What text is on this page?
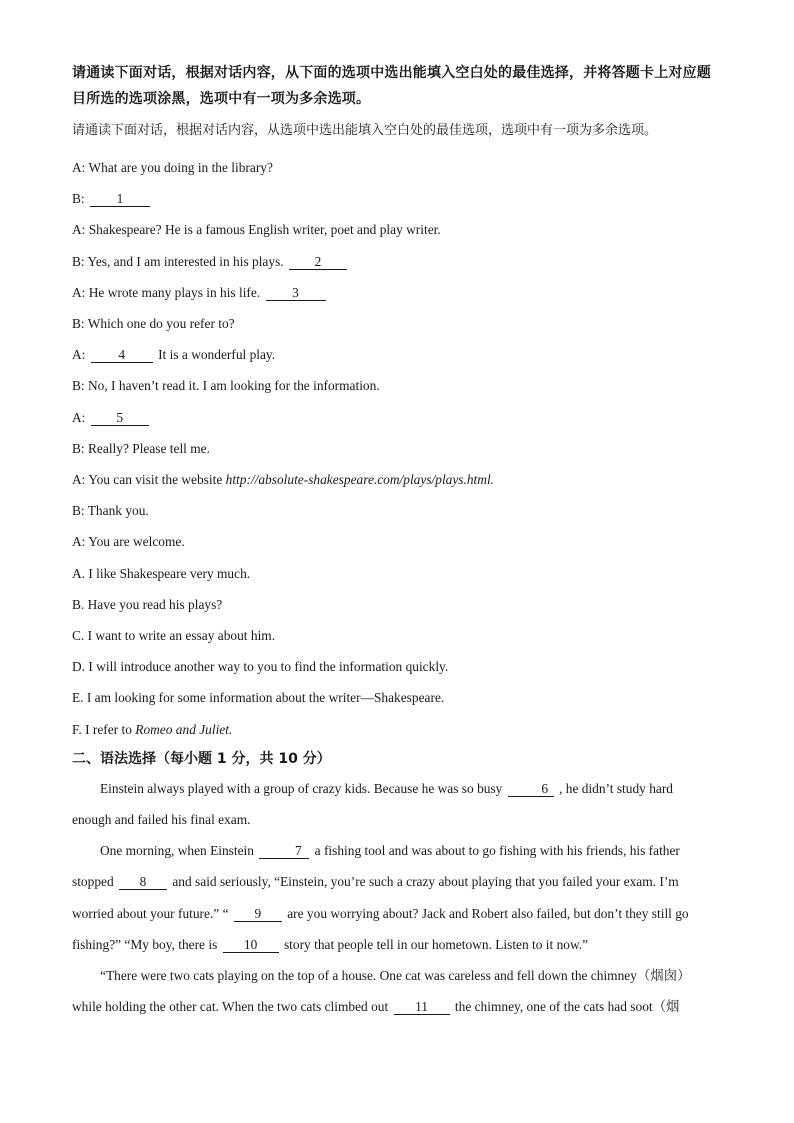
请通读下面对话，根据对话内容，从下面的选项中选出能填入空白处的最佳选择，并将答题卡上对应题目所选的选项涂黑，选项中有一项为多余选项。

请通读下面对话，根据对话内容，从选项中选出能填入空白处的最佳选项，选项中有一项为多余选项。

A: What are you doing in the library?

B: 1

A: Shakespeare? He is a famous English writer, poet and play writer.

B: Yes, and I am interested in his plays. 2

A: He wrote many plays in his life. 3

B: Which one do you refer to?

A: 4 It is a wonderful play.

B: No, I haven’t read it. I am looking for the information.

A: 5

B: Really? Please tell me.

A: You can visit the website http://absolute-shakespeare.com/plays/plays.html.

B: Thank you.

A: You are welcome.

A. I like Shakespeare very much.

B. Have you read his plays?

C. I want to write an essay about him.

D. I will introduce another way to you to find the information quickly.

E. I am looking for some information about the writer—Shakespeare.

F. I refer to Romeo and Juliet.

二、语法选择（每小题 1 分，共 10 分）

Einstein always played with a group of crazy kids. Because he was so busy	6 , he didn’t study hard

enough and failed his final exam.

One morning, when Einstein	7 a fishing tool and was about to go fishing with his friends, his father

stopped 8 and said seriously, “Einstein, you’re such a crazy about playing that you failed your exam. I’m

worried about your future.” “ 9 are you worrying about? Jack and Robert also failed, but don’t they still go

fishing?” “My boy, there is 10 story that people tell in our hometown. Listen to it now.”

“There were two cats playing on the top of a house. One cat was careless and fell down the chimney（烟囱）

while holding the other cat. When the two cats climbed out 11 the chimney, one of the cats had soot（烟
